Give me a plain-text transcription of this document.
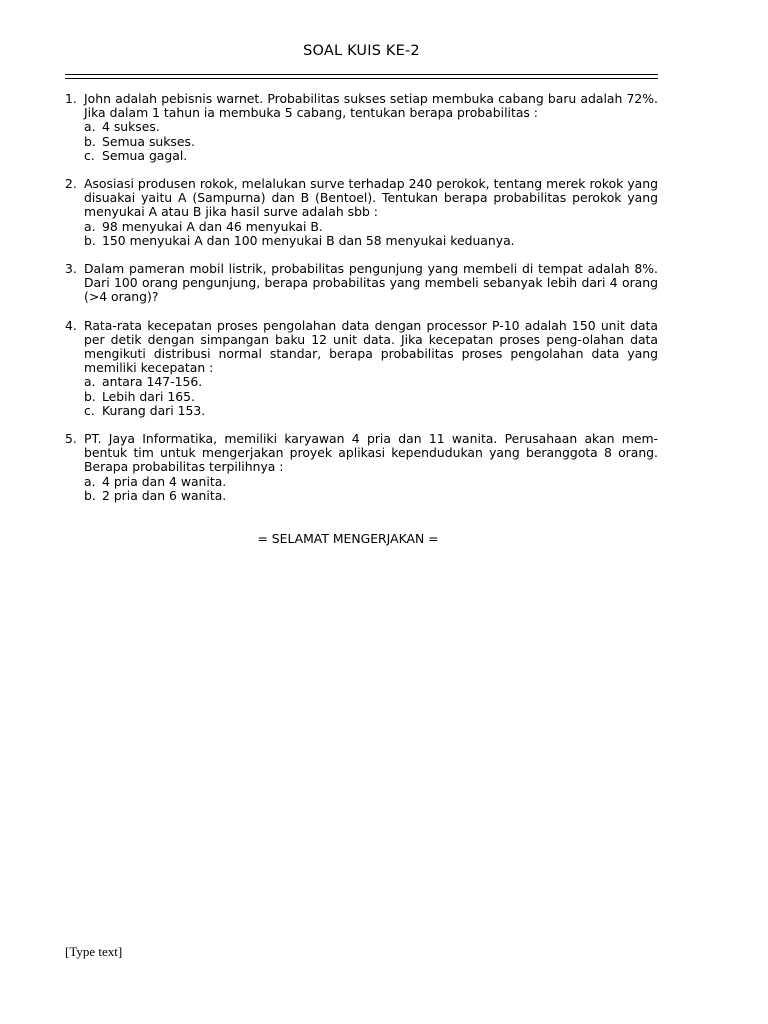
SOAL KUIS KE-2
1. John adalah pebisnis warnet. Probabilitas sukses setiap membuka cabang baru adalah 72%. Jika dalam 1 tahun ia membuka 5 cabang, tentukan berapa probabilitas :
a. 4 sukses.
b. Semua sukses.
c. Semua gagal.
2. Asosiasi produsen rokok, melalukan surve terhadap 240 perokok, tentang merek rokok yang disuakai yaitu A (Sampurna) dan B (Bentoel). Tentukan berapa probabilitas perokok yang menyukai A atau B jika hasil surve adalah sbb :
a. 98 menyukai A dan 46 menyukai B.
b. 150 menyukai A dan 100 menyukai B dan 58 menyukai keduanya.
3. Dalam pameran mobil listrik, probabilitas pengunjung yang membeli di tempat adalah 8%. Dari 100 orang pengunjung, berapa probabilitas yang membeli sebanyak lebih dari 4 orang (>4 orang)?
4. Rata-rata kecepatan proses pengolahan data dengan processor P-10 adalah 150 unit data per detik dengan simpangan baku 12 unit data. Jika kecepatan proses peng-olahan data mengikuti distribusi normal standar, berapa probabilitas proses pengolahan data yang memiliki kecepatan :
a. antara 147-156.
b. Lebih dari 165.
c. Kurang dari 153.
5. PT. Jaya Informatika, memiliki karyawan 4 pria dan 11 wanita. Perusahaan akan mem-bentuk tim untuk mengerjakan proyek aplikasi kependudukan yang beranggota 8 orang. Berapa probabilitas terpilihnya :
a. 4 pria dan 4 wanita.
b. 2 pria dan 6 wanita.
= SELAMAT MENGERJAKAN =
[Type text]
